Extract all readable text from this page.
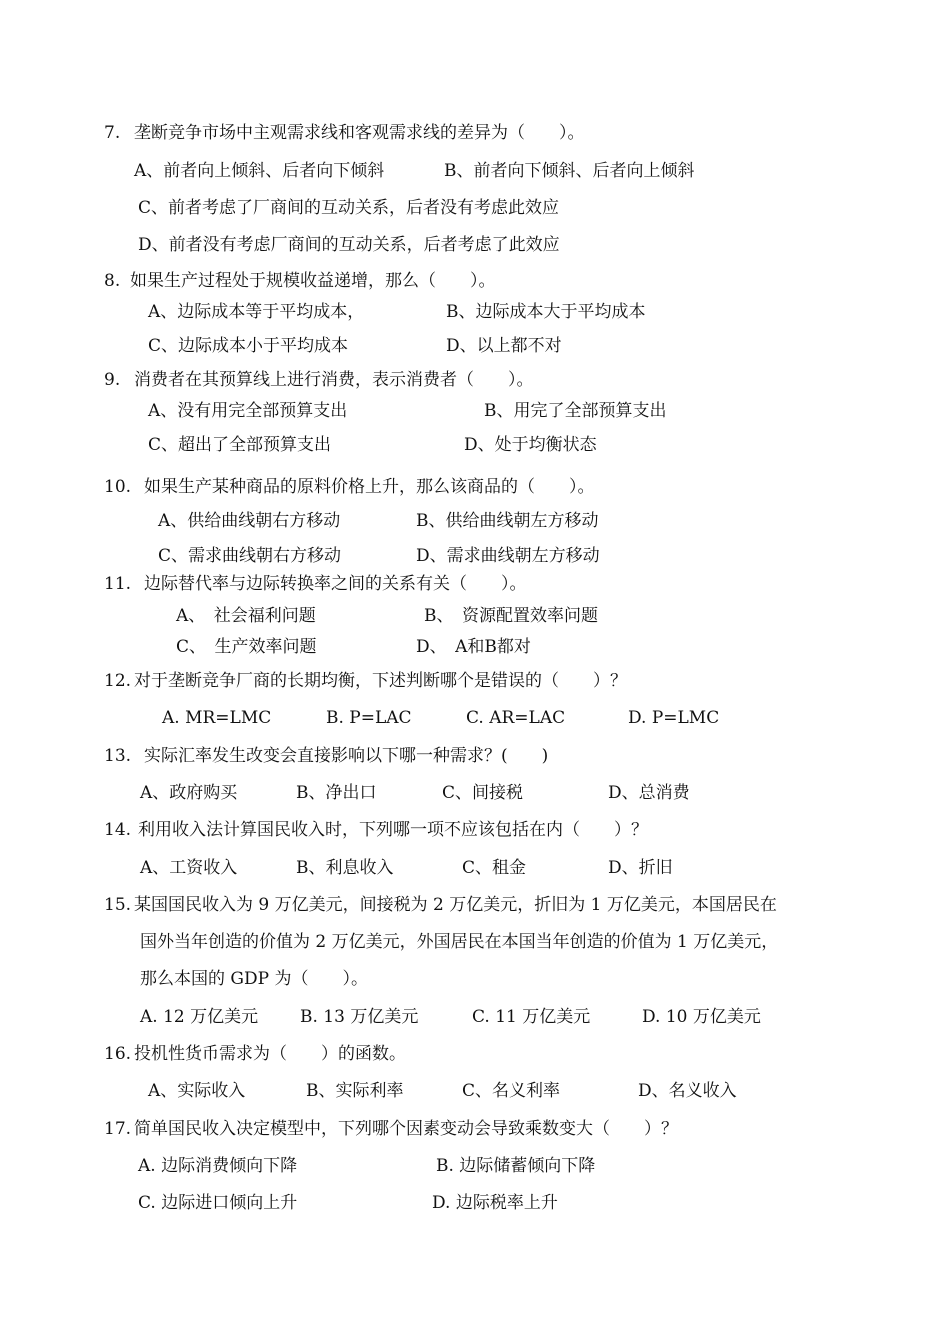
7. 垄断竞争市场中主观需求线和客观需求线的差异为（　　）。
A、前者向上倾斜、后者向下倾斜	B、前者向下倾斜、后者向上倾斜
C、前者考虑了厂商间的互动关系，后者没有考虑此效应
D、前者没有考虑厂商间的互动关系，后者考虑了此效应
8. 如果生产过程处于规模收益递增，那么（　　）。
A、边际成本等于平均成本，	B、边际成本大于平均成本
C、边际成本小于平均成本	D、以上都不对
9. 消费者在其预算线上进行消费，表示消费者（　　）。
A、没有用完全部预算支出	B、用完了全部预算支出
C、超出了全部预算支出	D、处于均衡状态
10. 如果生产某种商品的原料价格上升，那么该商品的（　　）。
A、供给曲线朝右方移动	B、供给曲线朝左方移动
C、需求曲线朝右方移动	D、需求曲线朝左方移动
11. 边际替代率与边际转换率之间的关系有关（　　）。
A、　社会福利问题	B、　资源配置效率问题
C、　生产效率问题	D、　A和B都对
12. 对于垄断竞争厂商的长期均衡，下述判断哪个是错误的（　　）？
A. MR=LMC	B. P=LAC	C. AR=LAC	D. P=LMC
13. 实际汇率发生改变会直接影响以下哪一种需求？(　　)
A、政府购买	B、净出口	C、间接税	D、总消费
14. 利用收入法计算国民收入时，下列哪一项不应该包括在内（　　）？
A、工资收入	B、利息收入	C、租金	D、折旧
15. 某国国民收入为 9 万亿美元，间接税为 2 万亿美元，折旧为 1 万亿美元，本国居民在
国外当年创造的价值为 2 万亿美元，外国居民在本国当年创造的价值为 1 万亿美元，
那么本国的 GDP 为（　　）。
A. 12 万亿美元 B. 13 万亿美元	C. 11 万亿美元	D. 10 万亿美元
16. 投机性货币需求为（　　）的函数。
A、实际收入	B、实际利率	C、名义利率	D、名义收入
17. 简单国民收入决定模型中，下列哪个因素变动会导致乘数变大（　　）？
A. 边际消费倾向下降	B. 边际储蓄倾向下降
C. 边际进口倾向上升	D. 边际税率上升
